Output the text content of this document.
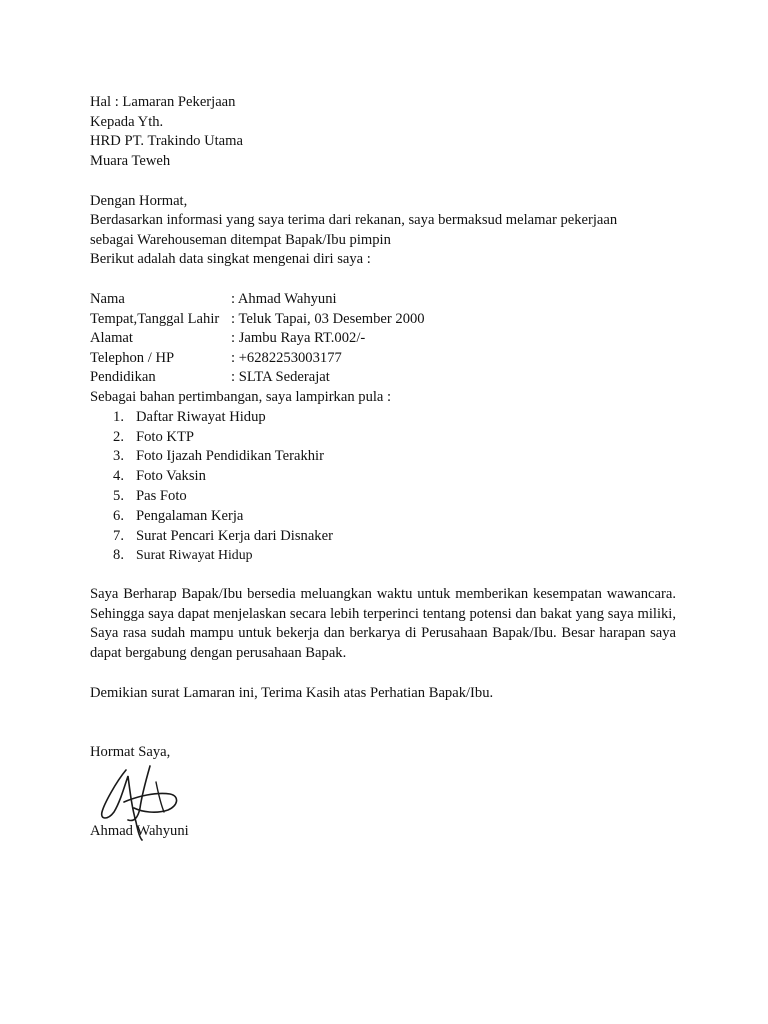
Hal : Lamaran Pekerjaan
Kepada Yth.
HRD PT. Trakindo Utama
Muara Teweh
Dengan Hormat,
Berdasarkan informasi yang saya terima dari rekanan, saya bermaksud melamar pekerjaan
sebagai Warehouseman ditempat Bapak/Ibu pimpin
Berikut adalah data singkat mengenai diri saya :
Nama	: Ahmad Wahyuni
Tempat,Tanggal Lahir : Teluk Tapai, 03 Desember 2000
Alamat	: Jambu Raya RT.002/-
Telephon / HP	: +6282253003177
Pendidikan	: SLTA Sederajat
Sebagai bahan pertimbangan, saya lampirkan pula :
1. Daftar Riwayat Hidup
2. Foto KTP
3. Foto Ijazah Pendidikan Terakhir
4. Foto Vaksin
5. Pas Foto
6. Pengalaman Kerja
7. Surat Pencari Kerja dari Disnaker
8. Surat Riwayat Hidup
Saya Berharap Bapak/Ibu bersedia meluangkan waktu untuk memberikan kesempatan wawancara. Sehingga saya dapat menjelaskan secara lebih terperinci tentang potensi dan bakat yang saya miliki, Saya rasa sudah mampu untuk bekerja dan berkarya di Perusahaan Bapak/Ibu. Besar harapan saya dapat bergabung dengan perusahaan Bapak.
Demikian surat Lamaran ini, Terima Kasih atas Perhatian Bapak/Ibu.
Hormat Saya,
Ahmad Wahyuni
